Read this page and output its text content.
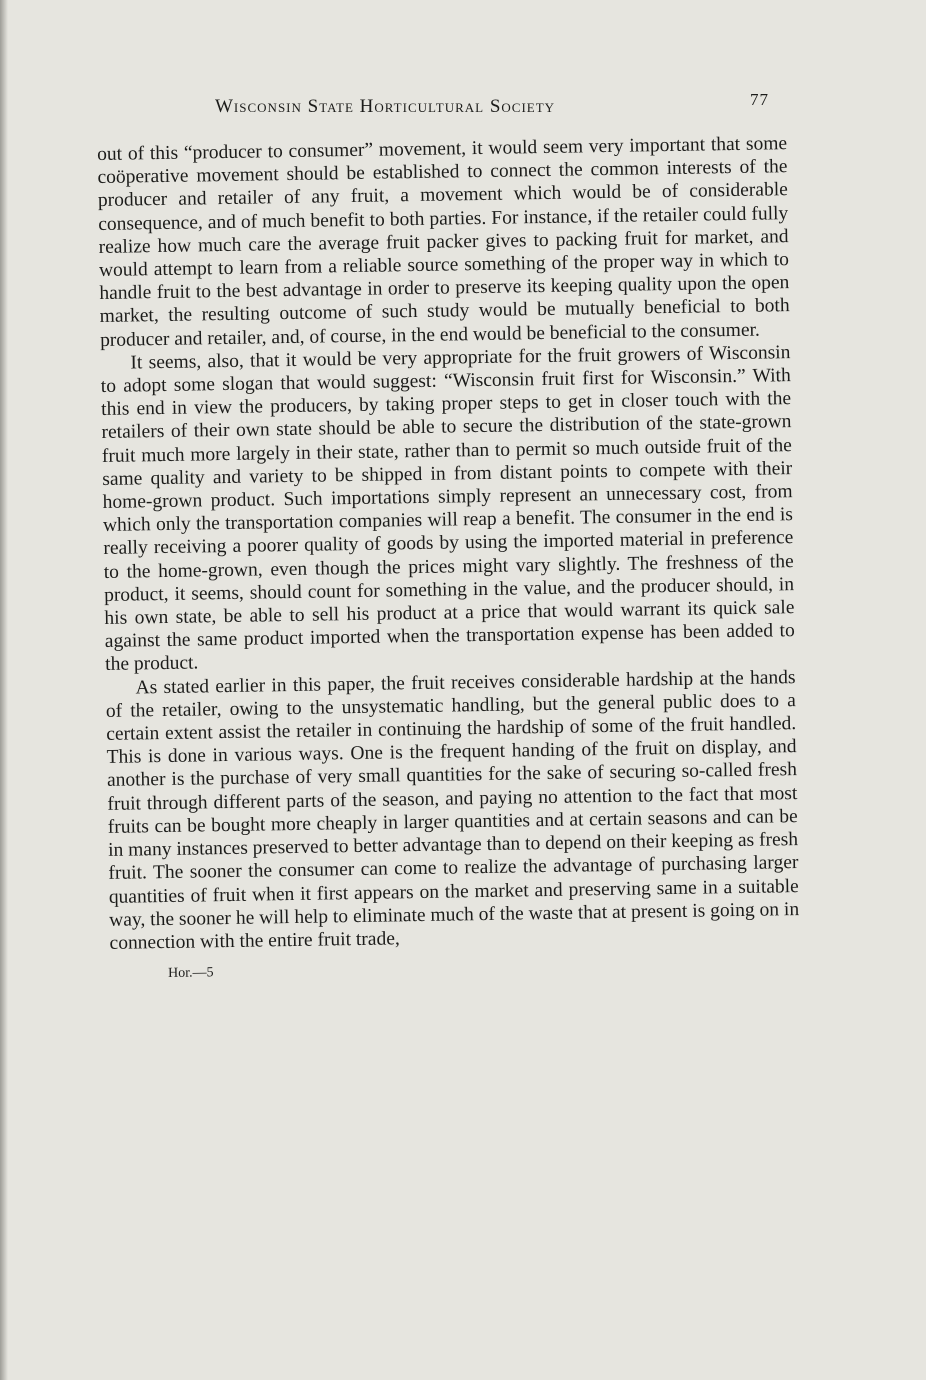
Wisconsin State Horticultural Society	77

out of this “producer to consumer” movement, it would seem very important that some coöperative movement should be established to connect the common interests of the producer and retailer of any fruit, a movement which would be of considerable consequence, and of much benefit to both parties. For instance, if the retailer could fully realize how much care the average fruit packer gives to packing fruit for market, and would attempt to learn from a reliable source something of the proper way in which to handle fruit to the best advantage in order to preserve its keeping quality upon the open market, the resulting outcome of such study would be mutually beneficial to both producer and retailer, and, of course, in the end would be beneficial to the consumer.

It seems, also, that it would be very appropriate for the fruit growers of Wisconsin to adopt some slogan that would suggest: “Wisconsin fruit first for Wisconsin.” With this end in view the producers, by taking proper steps to get in closer touch with the retailers of their own state should be able to secure the distribution of the state-grown fruit much more largely in their state, rather than to permit so much outside fruit of the same quality and variety to be shipped in from distant points to compete with their home-grown product. Such importations simply represent an unnecessary cost, from which only the transportation companies will reap a benefit. The consumer in the end is really receiving a poorer quality of goods by using the imported material in preference to the home-grown, even though the prices might vary slightly. The freshness of the product, it seems, should count for something in the value, and the producer should, in his own state, be able to sell his product at a price that would warrant its quick sale against the same product imported when the transportation expense has been added to the product.

As stated earlier in this paper, the fruit receives considerable hardship at the hands of the retailer, owing to the unsystematic handling, but the general public does to a certain extent assist the retailer in continuing the hardship of some of the fruit handled. This is done in various ways. One is the frequent handing of the fruit on display, and another is the purchase of very small quantities for the sake of securing so-called fresh fruit through different parts of the season, and paying no attention to the fact that most fruits can be bought more cheaply in larger quantities and at certain seasons and can be in many instances preserved to better advantage than to depend on their keeping as fresh fruit. The sooner the consumer can come to realize the advantage of purchasing larger quantities of fruit when it first appears on the market and preserving same in a suitable way, the sooner he will help to eliminate much of the waste that at present is going on in connection with the entire fruit trade,

Hor.—5
